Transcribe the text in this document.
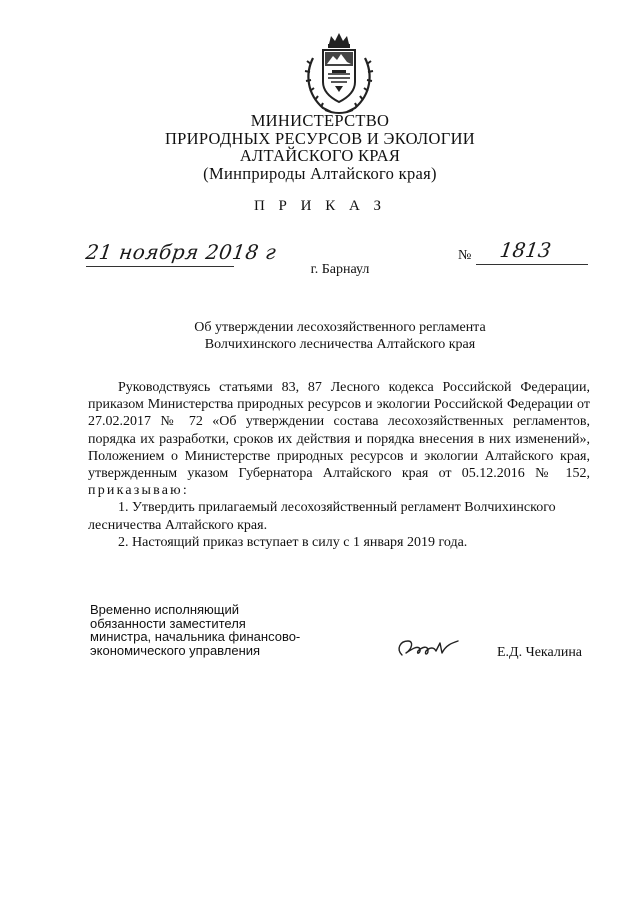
МИНИСТЕРСТВО
ПРИРОДНЫХ РЕСУРСОВ И ЭКОЛОГИИ
АЛТАЙСКОГО КРАЯ
(Минприроды Алтайского края)
П Р И К А З
21 ноября 2018 г	№ 1813
г. Барнаул
Об утверждении лесохозяйственного регламента
Волчихинского лесничества Алтайского края

Руководствуясь статьями 83, 87 Лесного кодекса Российской Федерации, приказом Министерства природных ресурсов и экологии Российской Федерации от 27.02.2017 № 72 «Об утверждении состава лесохозяйственных регламентов, порядка их разработки, сроков их действия и порядка внесения в них изменений», Положением о Министерстве природных ресурсов и экологии Алтайского края, утвержденным указом Губернатора Алтайского края от 05.12.2016 № 152, приказываю:

1. Утвердить прилагаемый лесохозяйственный регламент Волчихинского лесничества Алтайского края.

2. Настоящий приказ вступает в силу с 1 января 2019 года.

Временно исполняющий
обязанности заместителя
министра, начальника финансово-
экономического управления	Е.Д. Чекалина
